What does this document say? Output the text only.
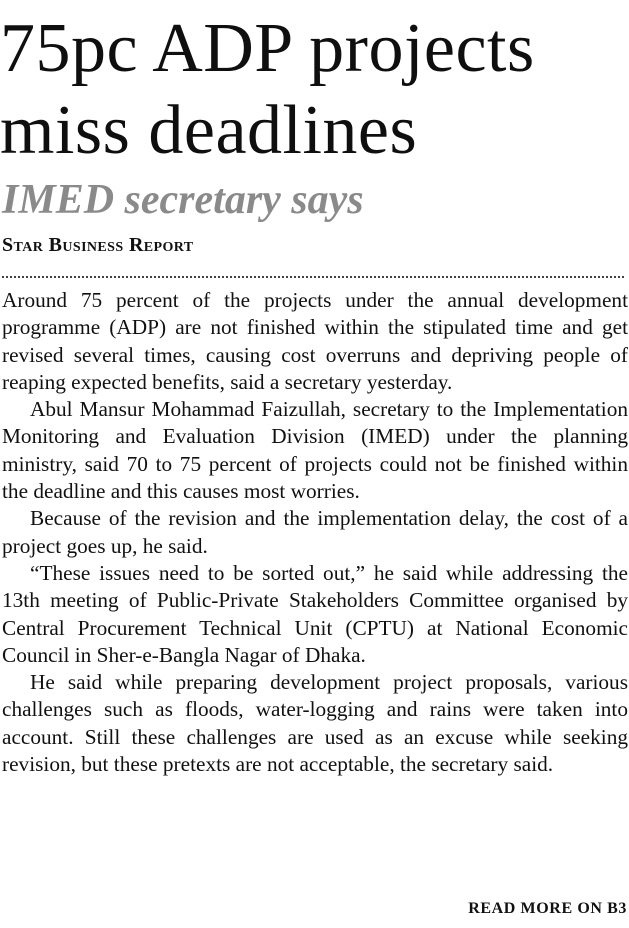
75pc ADP projects miss deadlines
IMED secretary says
Star Business Report

Around 75 percent of the projects under the annual development programme (ADP) are not finished within the stipulated time and get revised several times, causing cost overruns and depriving people of reaping expected benefits, said a secretary yesterday.

Abul Mansur Mohammad Faizullah, secretary to the Implementation Monitoring and Evaluation Division (IMED) under the planning ministry, said 70 to 75 percent of projects could not be finished within the deadline and this causes most worries.

Because of the revision and the implementation delay, the cost of a project goes up, he said.

“These issues need to be sorted out,” he said while addressing the 13th meeting of Public-Private Stakeholders Committee organised by Central Procurement Technical Unit (CPTU) at National Economic Council in Sher-e-Bangla Nagar of Dhaka.

He said while preparing development project proposals, various challenges such as floods, water-logging and rains were taken into account. Still these challenges are used as an excuse while seeking revision, but these pretexts are not acceptable, the secretary said.

READ MORE ON B3
